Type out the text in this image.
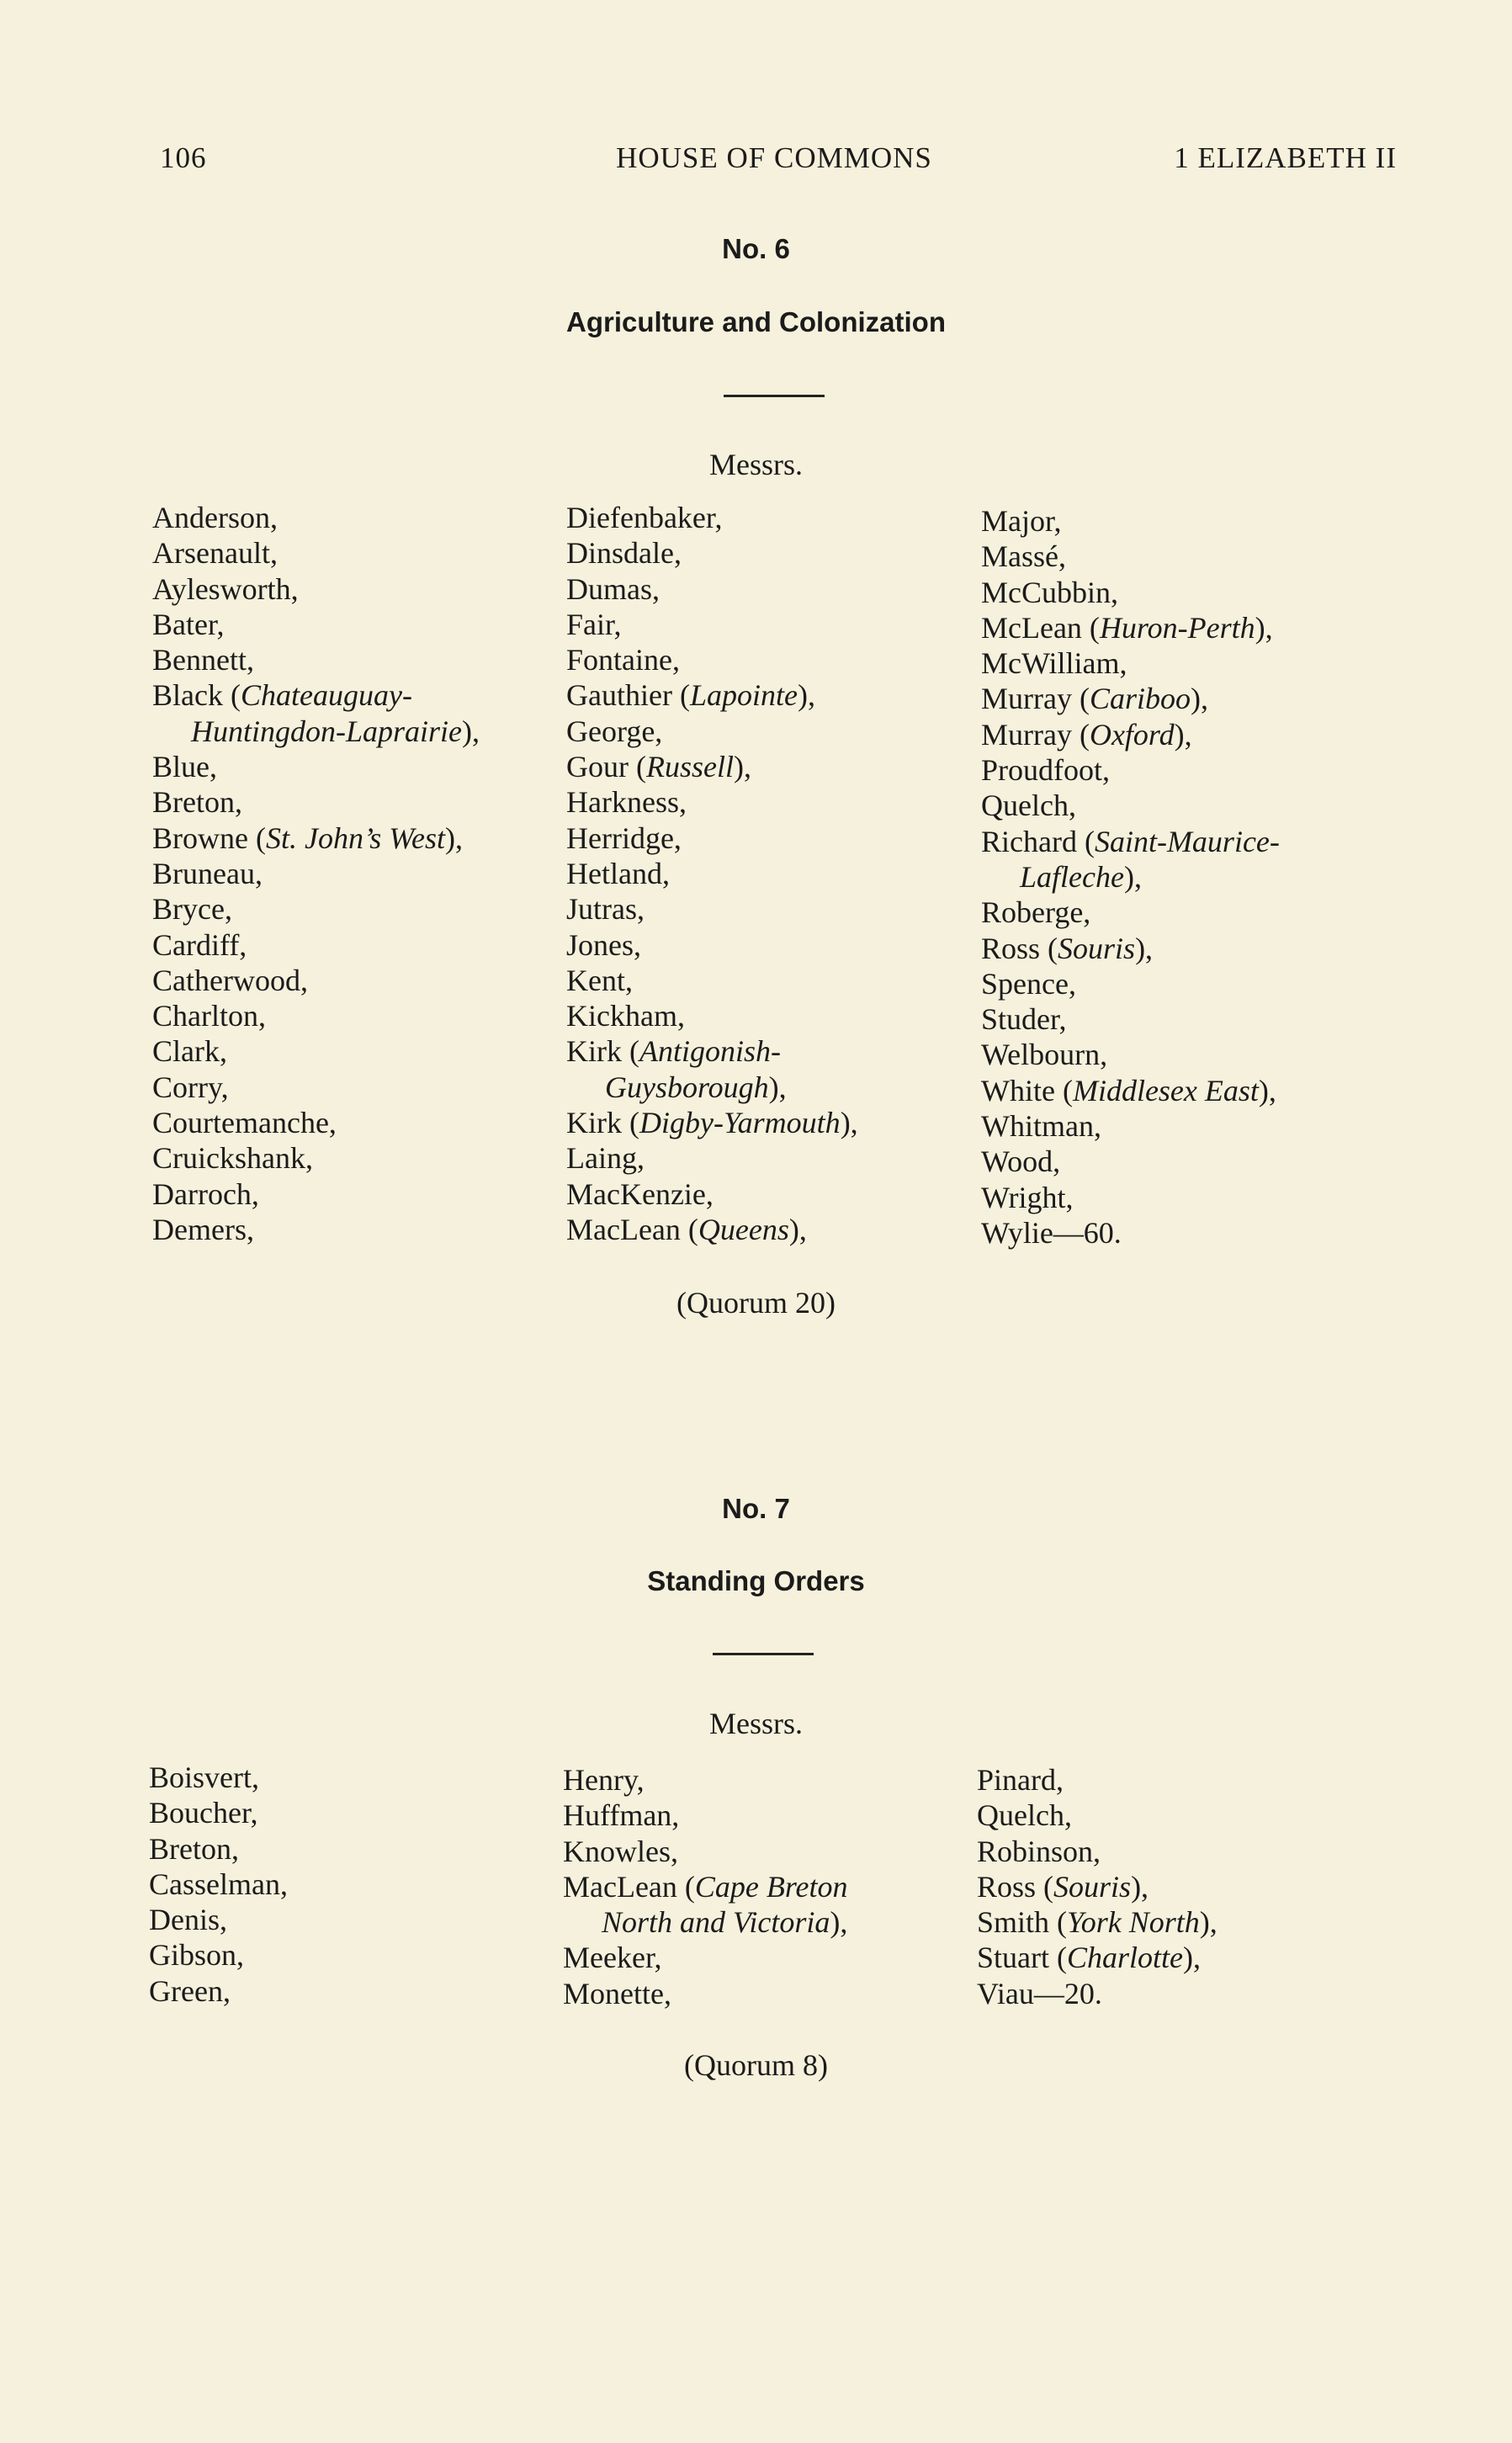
106	HOUSE OF COMMONS	1 ELIZABETH II
No. 6
Agriculture and Colonization
Messrs.
Anderson,
Arsenault,
Aylesworth,
Bater,
Bennett,
Black (Chateauguay-
Huntingdon-Laprairie),
Blue,
Breton,
Browne (St. John’s West),
Bruneau,
Bryce,
Cardiff,
Catherwood,
Charlton,
Clark,
Corry,
Courtemanche,
Cruickshank,
Darroch,
Demers,
Diefenbaker,
Dinsdale,
Dumas,
Fair,
Fontaine,
Gauthier (Lapointe),
George,
Gour (Russell),
Harkness,
Herridge,
Hetland,
Jutras,
Jones,
Kent,
Kickham,
Kirk (Antigonish-
Guysborough),
Kirk (Digby-Yarmouth),
Laing,
MacKenzie,
MacLean (Queens),
Major,
Massé,
McCubbin,
McLean (Huron-Perth),
McWilliam,
Murray (Cariboo),
Murray (Oxford),
Proudfoot,
Quelch,
Richard (Saint-Maurice-
Lafleche),
Roberge,
Ross (Souris),
Spence,
Studer,
Welbourn,
White (Middlesex East),
Whitman,
Wood,
Wright,
Wylie—60.
(Quorum 20)
No. 7
Standing Orders
Messrs.
Boisvert,
Boucher,
Breton,
Casselman,
Denis,
Gibson,
Green,
Henry,
Huffman,
Knowles,
MacLean (Cape Breton
North and Victoria),
Meeker,
Monette,
Pinard,
Quelch,
Robinson,
Ross (Souris),
Smith (York North),
Stuart (Charlotte),
Viau—20.
(Quorum 8)
